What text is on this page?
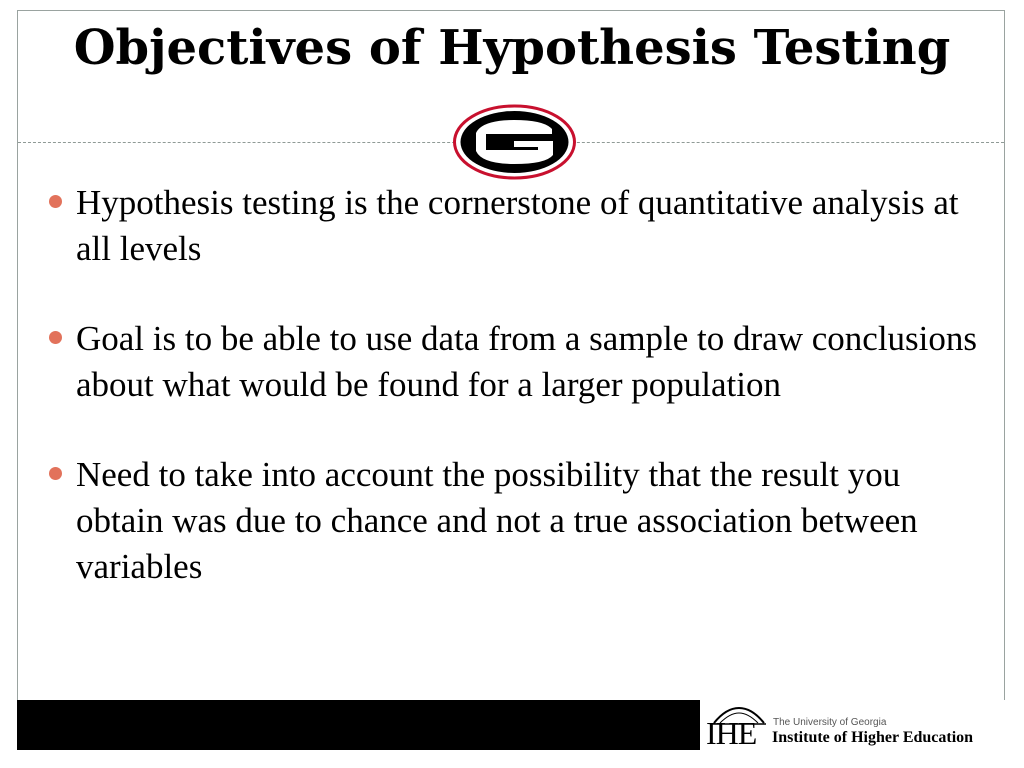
Objectives of Hypothesis Testing
Hypothesis testing is the cornerstone of quantitative analysis at all levels
Goal is to be able to use data from a sample to draw conclusions about what would be found for a larger population
Need to take into account the possibility that the result you obtain was due to chance and not a true association between variables
IHE The University of Georgia
Institute of Higher Education
